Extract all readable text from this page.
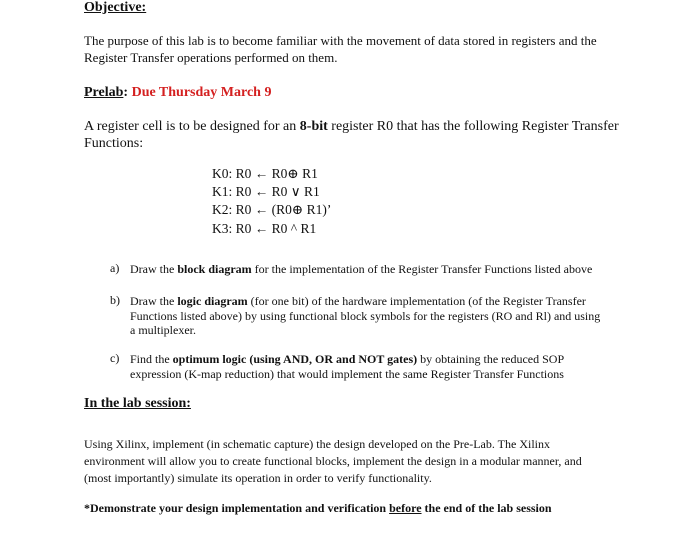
Objective:
The purpose of this lab is to become familiar with the movement of data stored in registers and the
Register Transfer operations performed on them.
Prelab: Due Thursday March 9
A register cell is to be designed for an 8-bit register R0 that has the following Register Transfer
Functions:
K0: R0 ← R0⊕ R1
K1: R0 ← R0 ∨ R1
K2: R0 ← (R0⊕ R1)’
K3: R0 ← R0 ^ R1
a) Draw the block diagram for the implementation of the Register Transfer Functions listed above
b) Draw the logic diagram (for one bit) of the hardware implementation (of the Register Transfer
Functions listed above) by using functional block symbols for the registers (RO and Rl) and using
a multiplexer.
c) Find the optimum logic (using AND, OR and NOT gates) by obtaining the reduced SOP
expression (K-map reduction) that would implement the same Register Transfer Functions
In the lab session:
Using Xilinx, implement (in schematic capture) the design developed on the Pre-Lab. The Xilinx
environment will allow you to create functional blocks, implement the design in a modular manner, and
(most importantly) simulate its operation in order to verify functionality.
*Demonstrate your design implementation and verification before the end of the lab session
